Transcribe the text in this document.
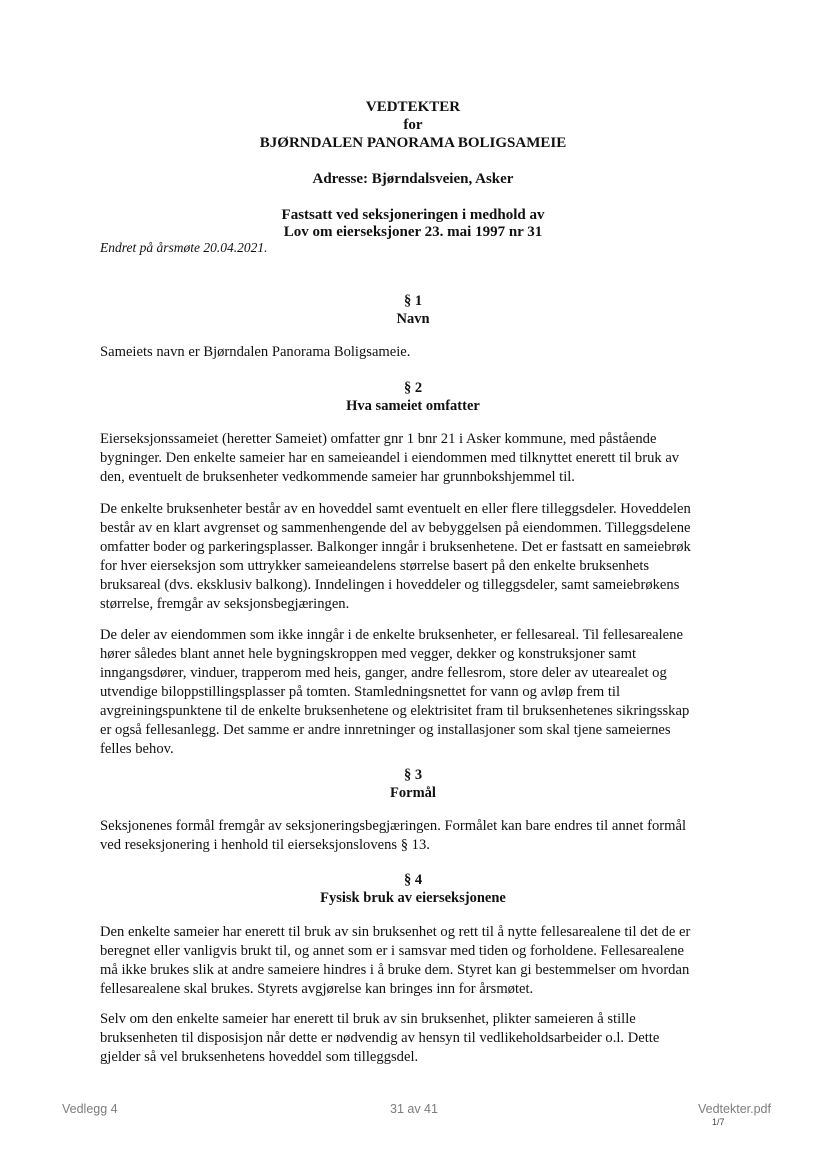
VEDTEKTER
for
BJØRNDALEN PANORAMA BOLIGSAMEIE
Adresse: Bjørndalsveien, Asker
Fastsatt ved seksjoneringen i medhold av
Lov om eierseksjoner 23. mai 1997 nr 31
Endret på årsmøte 20.04.2021.
§ 1
Navn
Sameiets navn er Bjørndalen Panorama Boligsameie.
§ 2
Hva sameiet omfatter
Eierseksjonssameiet (heretter Sameiet) omfatter gnr 1 bnr 21 i Asker kommune, med påstående
bygninger. Den enkelte sameier har en sameieandel i eiendommen med tilknyttet enerett til bruk av
den, eventuelt de bruksenheter vedkommende sameier har grunnbokshjemmel til.
De enkelte bruksenheter består av en hoveddel samt eventuelt en eller flere tilleggsdeler. Hoveddelen
består av en klart avgrenset og sammenhengende del av bebyggelsen på eiendommen. Tilleggsdelene
omfatter boder og parkeringsplasser. Balkonger inngår i bruksenhetene. Det er fastsatt en sameiebrøk
for hver eierseksjon som uttrykker sameieandelens størrelse basert på den enkelte bruksenhets
bruksareal (dvs. eksklusiv balkong). Inndelingen i hoveddeler og tilleggsdeler, samt sameiebrøkens
størrelse, fremgår av seksjonsbegjæringen.
De deler av eiendommen som ikke inngår i de enkelte bruksenheter, er fellesareal. Til fellesarealene
hører således blant annet hele bygningskroppen med vegger, dekker og konstruksjoner samt
inngangsdører, vinduer, trapperom med heis, ganger, andre fellesrom, store deler av utearealet og
utvendige biloppstillingsplasser på tomten. Stamledningsnettet for vann og avløp frem til
avgreiningspunktene til de enkelte bruksenhetene og elektrisitet fram til bruksenhetenes sikringsskap
er også fellesanlegg. Det samme er andre innretninger og installasjoner som skal tjene sameiernes
felles behov.
§ 3
Formål
Seksjonenes formål fremgår av seksjoneringsbegjæringen. Formålet kan bare endres til annet formål
ved reseksjonering i henhold til eierseksjonslovens § 13.
§ 4
Fysisk bruk av eierseksjonene
Den enkelte sameier har enerett til bruk av sin bruksenhet og rett til å nytte fellesarealene til det de er
beregnet eller vanligvis brukt til, og annet som er i samsvar med tiden og forholdene. Fellesarealene
må ikke brukes slik at andre sameiere hindres i å bruke dem. Styret kan gi bestemmelser om hvordan
fellesarealene skal brukes. Styrets avgjørelse kan bringes inn for årsmøtet.
Selv om den enkelte sameier har enerett til bruk av sin bruksenhet, plikter sameieren å stille
bruksenheten til disposisjon når dette er nødvendig av hensyn til vedlikeholdsarbeider o.l. Dette
gjelder så vel bruksenhetens hoveddel som tilleggsdel.
Vedlegg 4	31 av 41	Vedtekter.pdf
1/7
